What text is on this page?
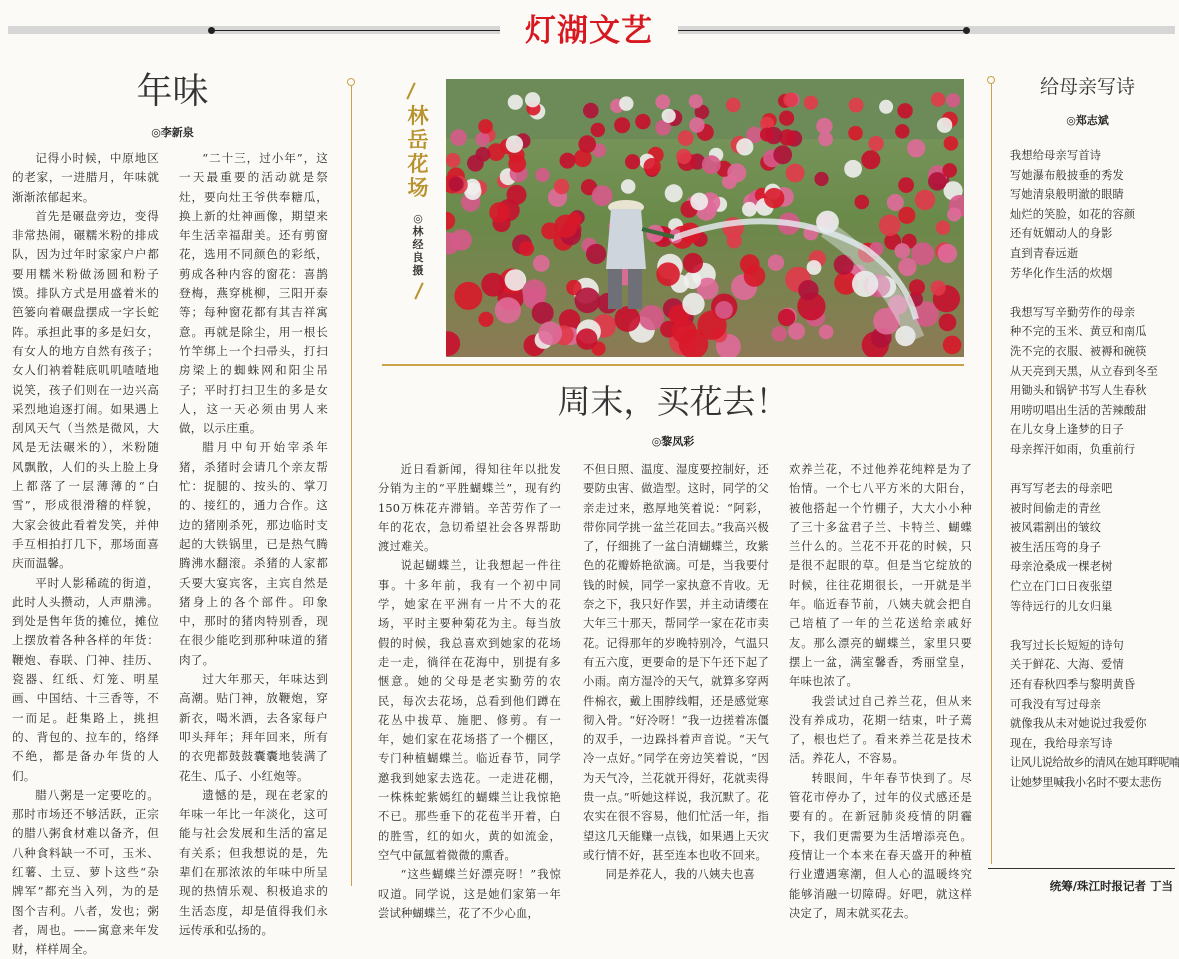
灯湖文艺
年味
◎李新泉

记得小时候，中原地区的老家，一进腊月，年味就渐渐浓郁起来。

首先是碾盘旁边，变得非常热闹，碾糯米粉的排成队，因为过年时家家户户都要用糯米粉做汤圆和粉子馍。排队方式是用盛着米的笆篓向着碾盘摆成一字长蛇阵。承担此事的多是妇女，有女人的地方自然有孩子；女人们衲着鞋底叽叽喳喳地说笑，孩子们则在一边兴高采烈地追逐打闹。如果遇上刮风天气（当然是微风，大风是无法碾米的），米粉随风飘散，人们的头上脸上身上都落了一层薄薄的“白雪”，形成很滑稽的样貌，大家会彼此看着发笑，并伸手互相拍打几下，那场面喜庆而温馨。

平时人影稀疏的街道，此时人头攒动，人声鼎沸。到处是售年货的摊位，摊位上摆放着各种各样的年货：鞭炮、春联、门神、挂历、瓷器、红纸、灯笼、明星画、中国结、十三香等，不一而足。赶集路上，挑担的、背包的、拉车的，络绎不绝，都是备办年货的人们。

腊八粥是一定要吃的。那时市场还不够活跃，正宗的腊八粥食材难以备齐，但八种食料缺一不可，玉米、红薯、土豆、萝卜这些“杂牌军”都充当入列，为的是图个吉利。八者，发也；粥者，周也。——寓意来年发财，样样周全。

“二十三，过小年”，这一天最重要的活动就是祭灶，要向灶王爷供奉糖瓜，换上新的灶神画像，期望来年生活幸福甜美。还有剪窗花，选用不同颜色的彩纸，剪成各种内容的窗花：喜鹊登梅，燕穿桃柳，三阳开泰等；每种窗花都有其吉祥寓意。再就是除尘，用一根长竹竿绑上一个扫帚头，打扫房梁上的蜘蛛网和阳尘吊子；平时打扫卫生的多是女人，这一天必须由男人来做，以示庄重。

腊月中旬开始宰杀年猪，杀猪时会请几个亲友帮忙：捉腿的、按头的、掌刀的、接红的，通力合作。这边的猪刚杀死，那边临时支起的大铁锅里，已是热气腾腾沸水翻滚。杀猪的人家都夭要大宴宾客，主宾自然是猪身上的各个部件。印象中，那时的猪肉特别香，现在很少能吃到那种味道的猪肉了。

过大年那天，年味达到高潮。贴门神，放鞭炮，穿新衣，喝米酒，去各家每户叩头拜年；拜年回来，所有的衣兜都鼓鼓囊囊地装满了花生、瓜子、小红炮等。

遗憾的是，现在老家的年味一年比一年淡化，这可能与社会发展和生活的富足有关系；但我想说的是，先辈们在那浓浓的年味中所呈现的热情乐观、积极追求的生活态度，却是值得我们永远传承和弘扬的。

林岳花场
◎
林
经
良
摄
周末，买花去！
◎黎凤彩

近日看新闻，得知往年以批发分销为主的“平胜蝴蝶兰”，现有约150万株花卉滞销。辛苦劳作了一年的花农，急切希望社会各界帮助渡过难关。

说起蝴蝶兰，让我想起一件往事。十多年前，我有一个初中同学，她家在平洲有一片不大的花场，平时主要种菊花为主。每当放假的时候，我总喜欢到她家的花场走一走，徜徉在花海中，别提有多惬意。她的父母是老实勤劳的农民，每次去花场，总看到他们蹲在花丛中拔草、施肥、修剪。有一年，她们家在花场搭了一个棚区，专门种植蝴蝶兰。临近春节，同学邀我到她家去选花。一走进花棚，一株株蛇紫嫣红的蝴蝶兰让我惊艳不已。那些垂下的花苞半开着，白的胜雪，红的如火，黄的如流金，空气中氤氲着微微的熏香。

“这些蝴蝶兰好漂亮呀！”我惊叹道。同学说，这是她们家第一年尝试种蝴蝶兰，花了不少心血，

不但日照、温度、湿度要控制好，还要防虫害、做造型。这时，同学的父亲走过来，憨厚地笑着说：“阿彩，带你同学挑一盆兰花回去。”我高兴极了，仔细挑了一盆白清蝴蝶兰，玫紫色的花瓣娇艳欲滴。可是，当我要付钱的时候，同学一家执意不肯收。无奈之下，我只好作罢，并主动请缨在大年三十那天，帮同学一家在花市卖花。记得那年的岁晚特别冷，气温只有五六度，更要命的是下午还下起了小雨。南方湿冷的天气，就算多穿两件棉衣，戴上围脖线帽，还是感觉寒彻入骨。“好冷呀！”我一边搓着冻僵的双手，一边跺抖着声音说。“天气冷一点好。”同学在旁边笑着说，“因为天气冷，兰花就开得好，花就卖得贵一点。”听她这样说，我沉默了。花农实在很不容易，他们忙活一年，指望这几天能赚一点钱，如果遇上天灾或行情不好，甚至连本也收不回来。

同是养花人，我的八姨夫也喜

欢养兰花，不过他养花纯粹是为了怡情。一个七八平方米的大阳台，被他搭起一个竹棚子，大大小小种了三十多盆君子兰、卡特兰、蝴蝶兰什么的。兰花不开花的时候，只是很不起眼的草。但是当它绽放的时候，往往花期很长，一开就是半年。临近春节前，八姨夫就会把自己培植了一年的兰花送给亲戚好友。那么漂亮的蝴蝶兰，家里只要摆上一盆，满室馨香，秀丽堂皇，年味也浓了。

我尝试过自己养兰花，但从来没有养成功，花期一结束，叶子蔫了，根也烂了。看来养兰花是技术活。养花人，不容易。

转眼间，牛年春节快到了。尽管花市停办了，过年的仪式感还是要有的。在新冠肺炎疫情的阴霾下，我们更需要为生活增添亮色。疫情让一个本来在春天盛开的种植行业遭遇寒潮，但人心的温暖终究能够消融一切障碍。好吧，就这样决定了，周末就买花去。

给母亲写诗
◎郑志斌
我想给母亲写首诗
写她瀑布般披垂的秀发
写她清泉般明澈的眼睛
灿烂的笑脸，如花的容颜
还有妩媚动人的身影
直到青春远逝
芳华化作生活的炊烟
我想写写辛勤劳作的母亲
种不完的玉米、黄豆和南瓜
洗不完的衣服、被褥和碗筷
从天亮到天黑，从立春到冬至
用锄头和锅铲书写人生春秋
用唠叨唱出生活的苦辣酸甜
在儿女身上逢梦的日子
母亲挥汗如雨，负重前行
再写写老去的母亲吧
被时间偷走的青丝
被风霜割出的皱纹
被生活压弯的身子
母亲沧桑成一棵老树
伫立在门口日夜张望
等待远行的儿女归巢
我写过长长短短的诗句
关于鲜花、大海、爱情
还有春秋四季与黎明黄昏
可我没有写过母亲
就像我从未对她说过我爱你
现在，我给母亲写诗
让风儿说给故乡的清风在她耳畔呢喃
让她梦里喊我小名时不要太悲伤
统筹/珠江时报记者 丁当
